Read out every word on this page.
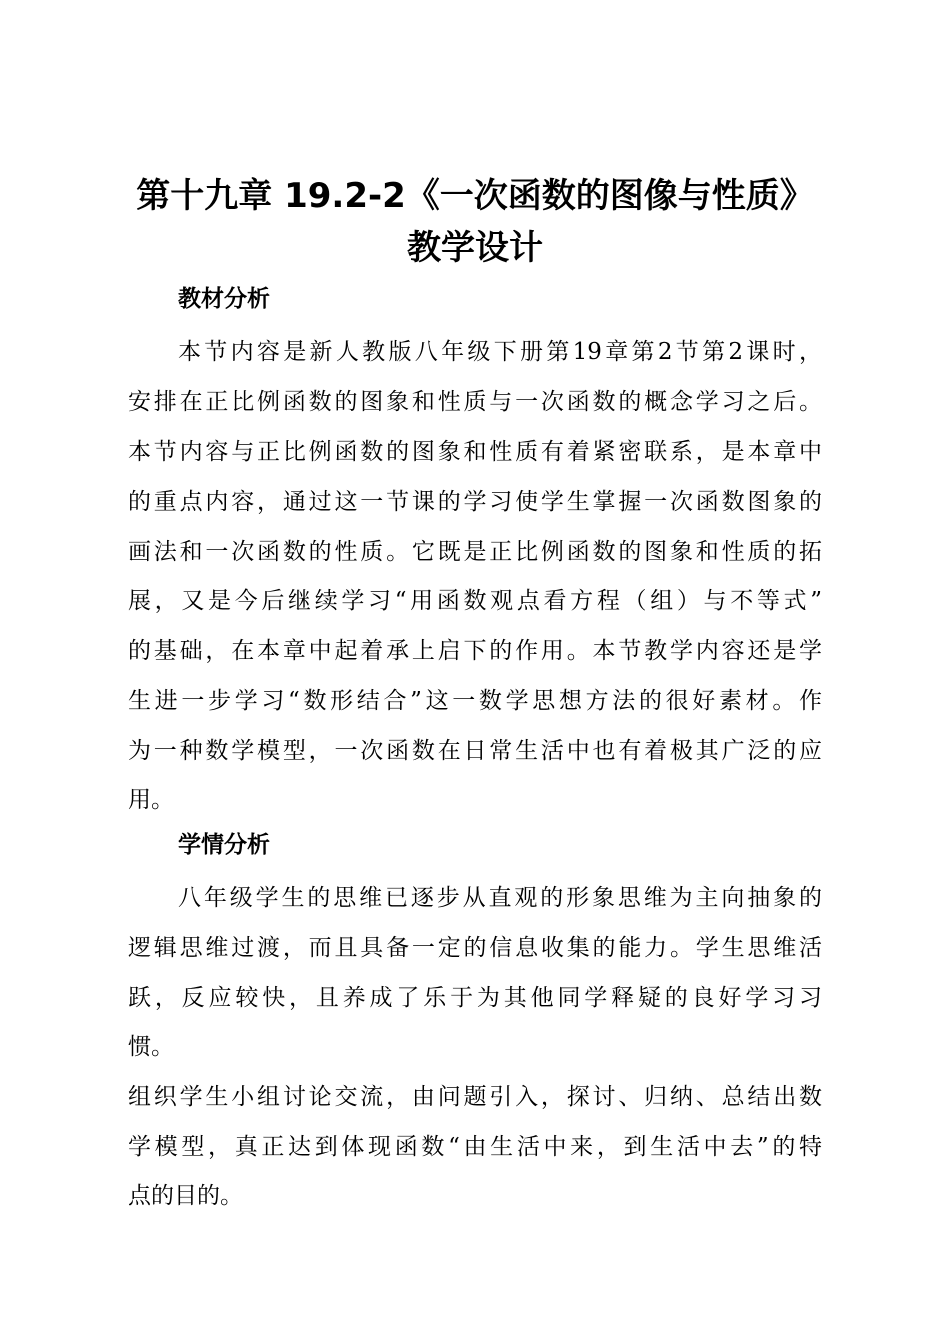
第十九章 19.2-2《一次函数的图像与性质》
教学设计
教材分析

本节内容是新人教版八年级下册第19章第2节第2课时，

安排在正比例函数的图象和性质与一次函数的概念学习之后。

本节内容与正比例函数的图象和性质有着紧密联系，是本章中

的重点内容，通过这一节课的学习使学生掌握一次函数图象的

画法和一次函数的性质。它既是正比例函数的图象和性质的拓

展，又是今后继续学习“用函数观点看方程（组）与不等式”

的基础，在本章中起着承上启下的作用。本节教学内容还是学

生进一步学习“数形结合”这一数学思想方法的很好素材。作

为一种数学模型，一次函数在日常生活中也有着极其广泛的应

用。

学情分析

八年级学生的思维已逐步从直观的形象思维为主向抽象的

逻辑思维过渡，而且具备一定的信息收集的能力。学生思维活

跃，反应较快，且养成了乐于为其他同学释疑的良好学习习

惯。

组织学生小组讨论交流，由问题引入，探讨、归纳、总结出数

学模型，真正达到体现函数“由生活中来，到生活中去”的特

点的目的。
